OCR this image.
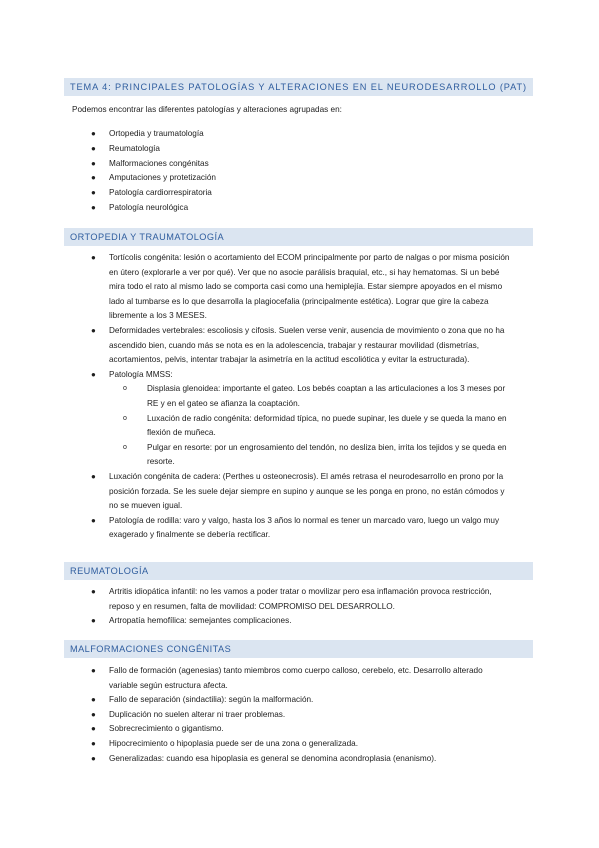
TEMA 4: PRINCIPALES PATOLOGÍAS Y ALTERACIONES EN EL NEURODESARROLLO (PAT)
Podemos encontrar las diferentes patologías y alteraciones agrupadas en:
● Ortopedia y traumatología
● Reumatología
● Malformaciones congénitas
● Amputaciones y protetización
● Patología cardiorrespiratoria
● Patología neurológica
ORTOPEDIA Y TRAUMATOLOGÍA
● Tortícolis congénita: lesión o acortamiento del ECOM principalmente por parto de nalgas o por misma posición en útero (explorarle a ver por qué). Ver que no asocie parálisis braquial, etc., si hay hematomas. Si un bebé mira todo el rato al mismo lado se comporta casi como una hemiplejía. Estar siempre apoyados en el mismo lado al tumbarse es lo que desarrolla la plagiocefalia (principalmente estética). Lograr que gire la cabeza libremente a los 3 MESES.
● Deformidades vertebrales: escoliosis y cifosis. Suelen verse venir, ausencia de movimiento o zona que no ha ascendido bien, cuando más se nota es en la adolescencia, trabajar y restaurar movilidad (dismetrías, acortamientos, pelvis, intentar trabajar la asimetría en la actitud escoliótica y evitar la estructurada).
● Patología MMSS:
o Displasia glenoidea: importante el gateo. Los bebés coaptan a las articulaciones a los 3 meses por RE y en el gateo se afianza la coaptación.
o Luxación de radio congénita: deformidad típica, no puede supinar, les duele y se queda la mano en flexión de muñeca.
o Pulgar en resorte: por un engrosamiento del tendón, no desliza bien, irrita los tejidos y se queda en resorte.
● Luxación congénita de cadera: (Perthes u osteonecrosis). El amés retrasa el neurodesarrollo en prono por la posición forzada. Se les suele dejar siempre en supino y aunque se les ponga en prono, no están cómodos y no se mueven igual.
● Patología de rodilla: varo y valgo, hasta los 3 años lo normal es tener un marcado varo, luego un valgo muy exagerado y finalmente se debería rectificar.
REUMATOLOGÍA
● Artritis idiopática infantil: no les vamos a poder tratar o movilizar pero esa inflamación provoca restricción, reposo y en resumen, falta de movilidad: COMPROMISO DEL DESARROLLO.
● Artropatía hemofílica: semejantes complicaciones.
MALFORMACIONES CONGÉNITAS
● Fallo de formación (agenesias) tanto miembros como cuerpo calloso, cerebelo, etc. Desarrollo alterado variable según estructura afecta.
● Fallo de separación (sindactilia): según la malformación.
● Duplicación no suelen alterar ni traer problemas.
● Sobrecrecimiento o gigantismo.
● Hipocrecimiento o hipoplasia puede ser de una zona o generalizada.
● Generalizadas: cuando esa hipoplasia es general se denomina acondroplasia (enanismo).
